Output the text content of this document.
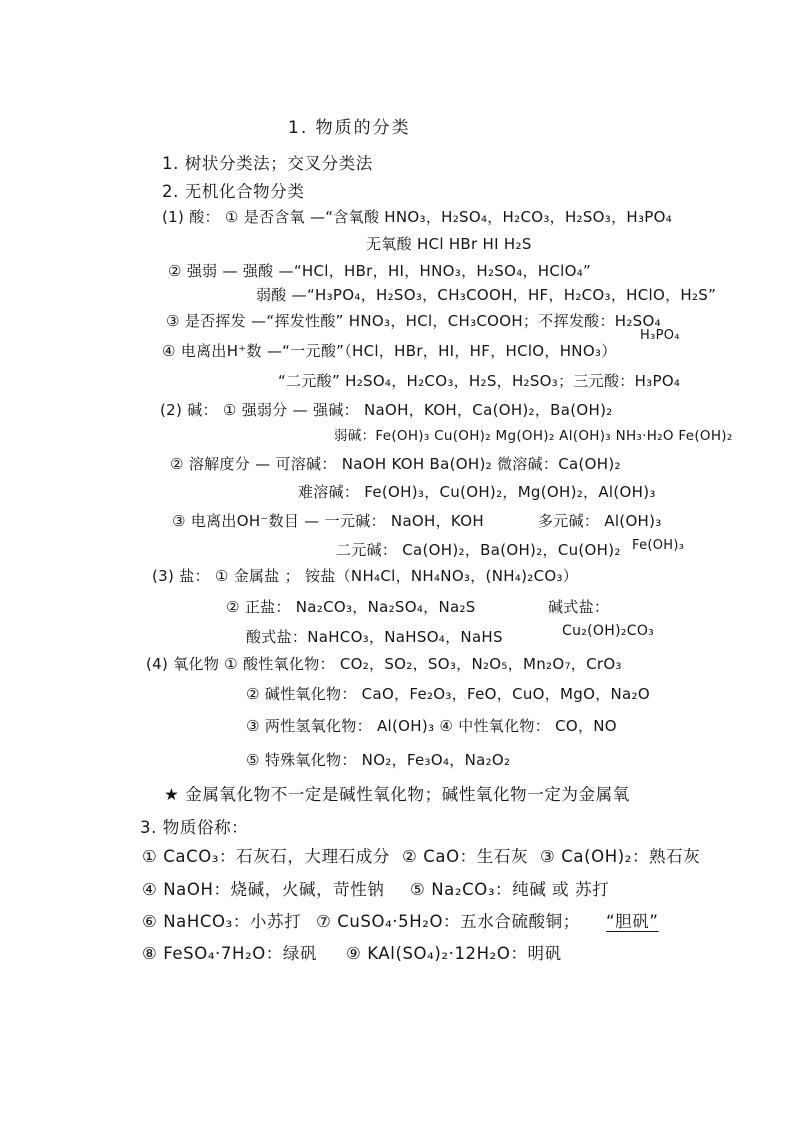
1. 物质的分类
1. 树状分类法；交叉分类法
2. 无机化合物分类
(1) 酸： ① 是否含氧 —“含氧酸 HNO₃，H₂SO₄，H₂CO₃，H₂SO₃，H₃PO₄
无氧酸 HCl HBr HI H₂S
② 强弱 — 强酸 —“HCl，HBr，HI，HNO₃，H₂SO₄，HClO₄”
弱酸 —“H₃PO₄，H₂SO₃，CH₃COOH，HF，H₂CO₃，HClO，H₂S”
③ 是否挥发 —“挥发性酸” HNO₃，HCl，CH₃COOH；不挥发酸：H₂SO₄
H₃PO₄
④ 电离出H⁺数 —“一元酸”（HCl，HBr，HI，HF，HClO，HNO₃）
“二元酸” H₂SO₄，H₂CO₃，H₂S，H₂SO₃；三元酸：H₃PO₄
(2) 碱： ① 强弱分 — 强碱： NaOH，KOH，Ca(OH)₂，Ba(OH)₂
弱碱：Fe(OH)₃ Cu(OH)₂ Mg(OH)₂ Al(OH)₃ NH₃·H₂O Fe(OH)₂
② 溶解度分 — 可溶碱： NaOH KOH Ba(OH)₂ 微溶碱：Ca(OH)₂
难溶碱： Fe(OH)₃，Cu(OH)₂，Mg(OH)₂，Al(OH)₃
③ 电离出OH⁻数目 — 一元碱： NaOH，KOH	多元碱： Al(OH)₃
二元碱： Ca(OH)₂，Ba(OH)₂，Cu(OH)₂ Fe(OH)₃
(3) 盐： ① 金属盐 ； 铵盐（NH₄Cl，NH₄NO₃，(NH₄)₂CO₃）
② 正盐： Na₂CO₃，Na₂SO₄，Na₂S	碱式盐：
酸式盐：NaHCO₃，NaHSO₄，NaHS	Cu₂(OH)₂CO₃
(4) 氧化物 ① 酸性氧化物： CO₂，SO₂，SO₃，N₂O₅，Mn₂O₇，CrO₃
② 碱性氧化物： CaO，Fe₂O₃，FeO，CuO，MgO，Na₂O
③ 两性氢氧化物： Al(OH)₃ ④ 中性氧化物： CO，NO
⑤ 特殊氧化物： NO₂，Fe₃O₄，Na₂O₂
★ 金属氧化物不一定是碱性氧化物；碱性氧化物一定为金属氧
3. 物质俗称：
① CaCO₃：石灰石，大理石成分 ② CaO：生石灰 ③ Ca(OH)₂：熟石灰
④ NaOH：烧碱，火碱，苛性钠 ⑤ Na₂CO₃：纯碱 或 苏打
⑥ NaHCO₃：小苏打 ⑦ CuSO₄·5H₂O：五水合硫酸铜； “胆矾”
⑧ FeSO₄·7H₂O：绿矾 ⑨ KAl(SO₄)₂·12H₂O：明矾
